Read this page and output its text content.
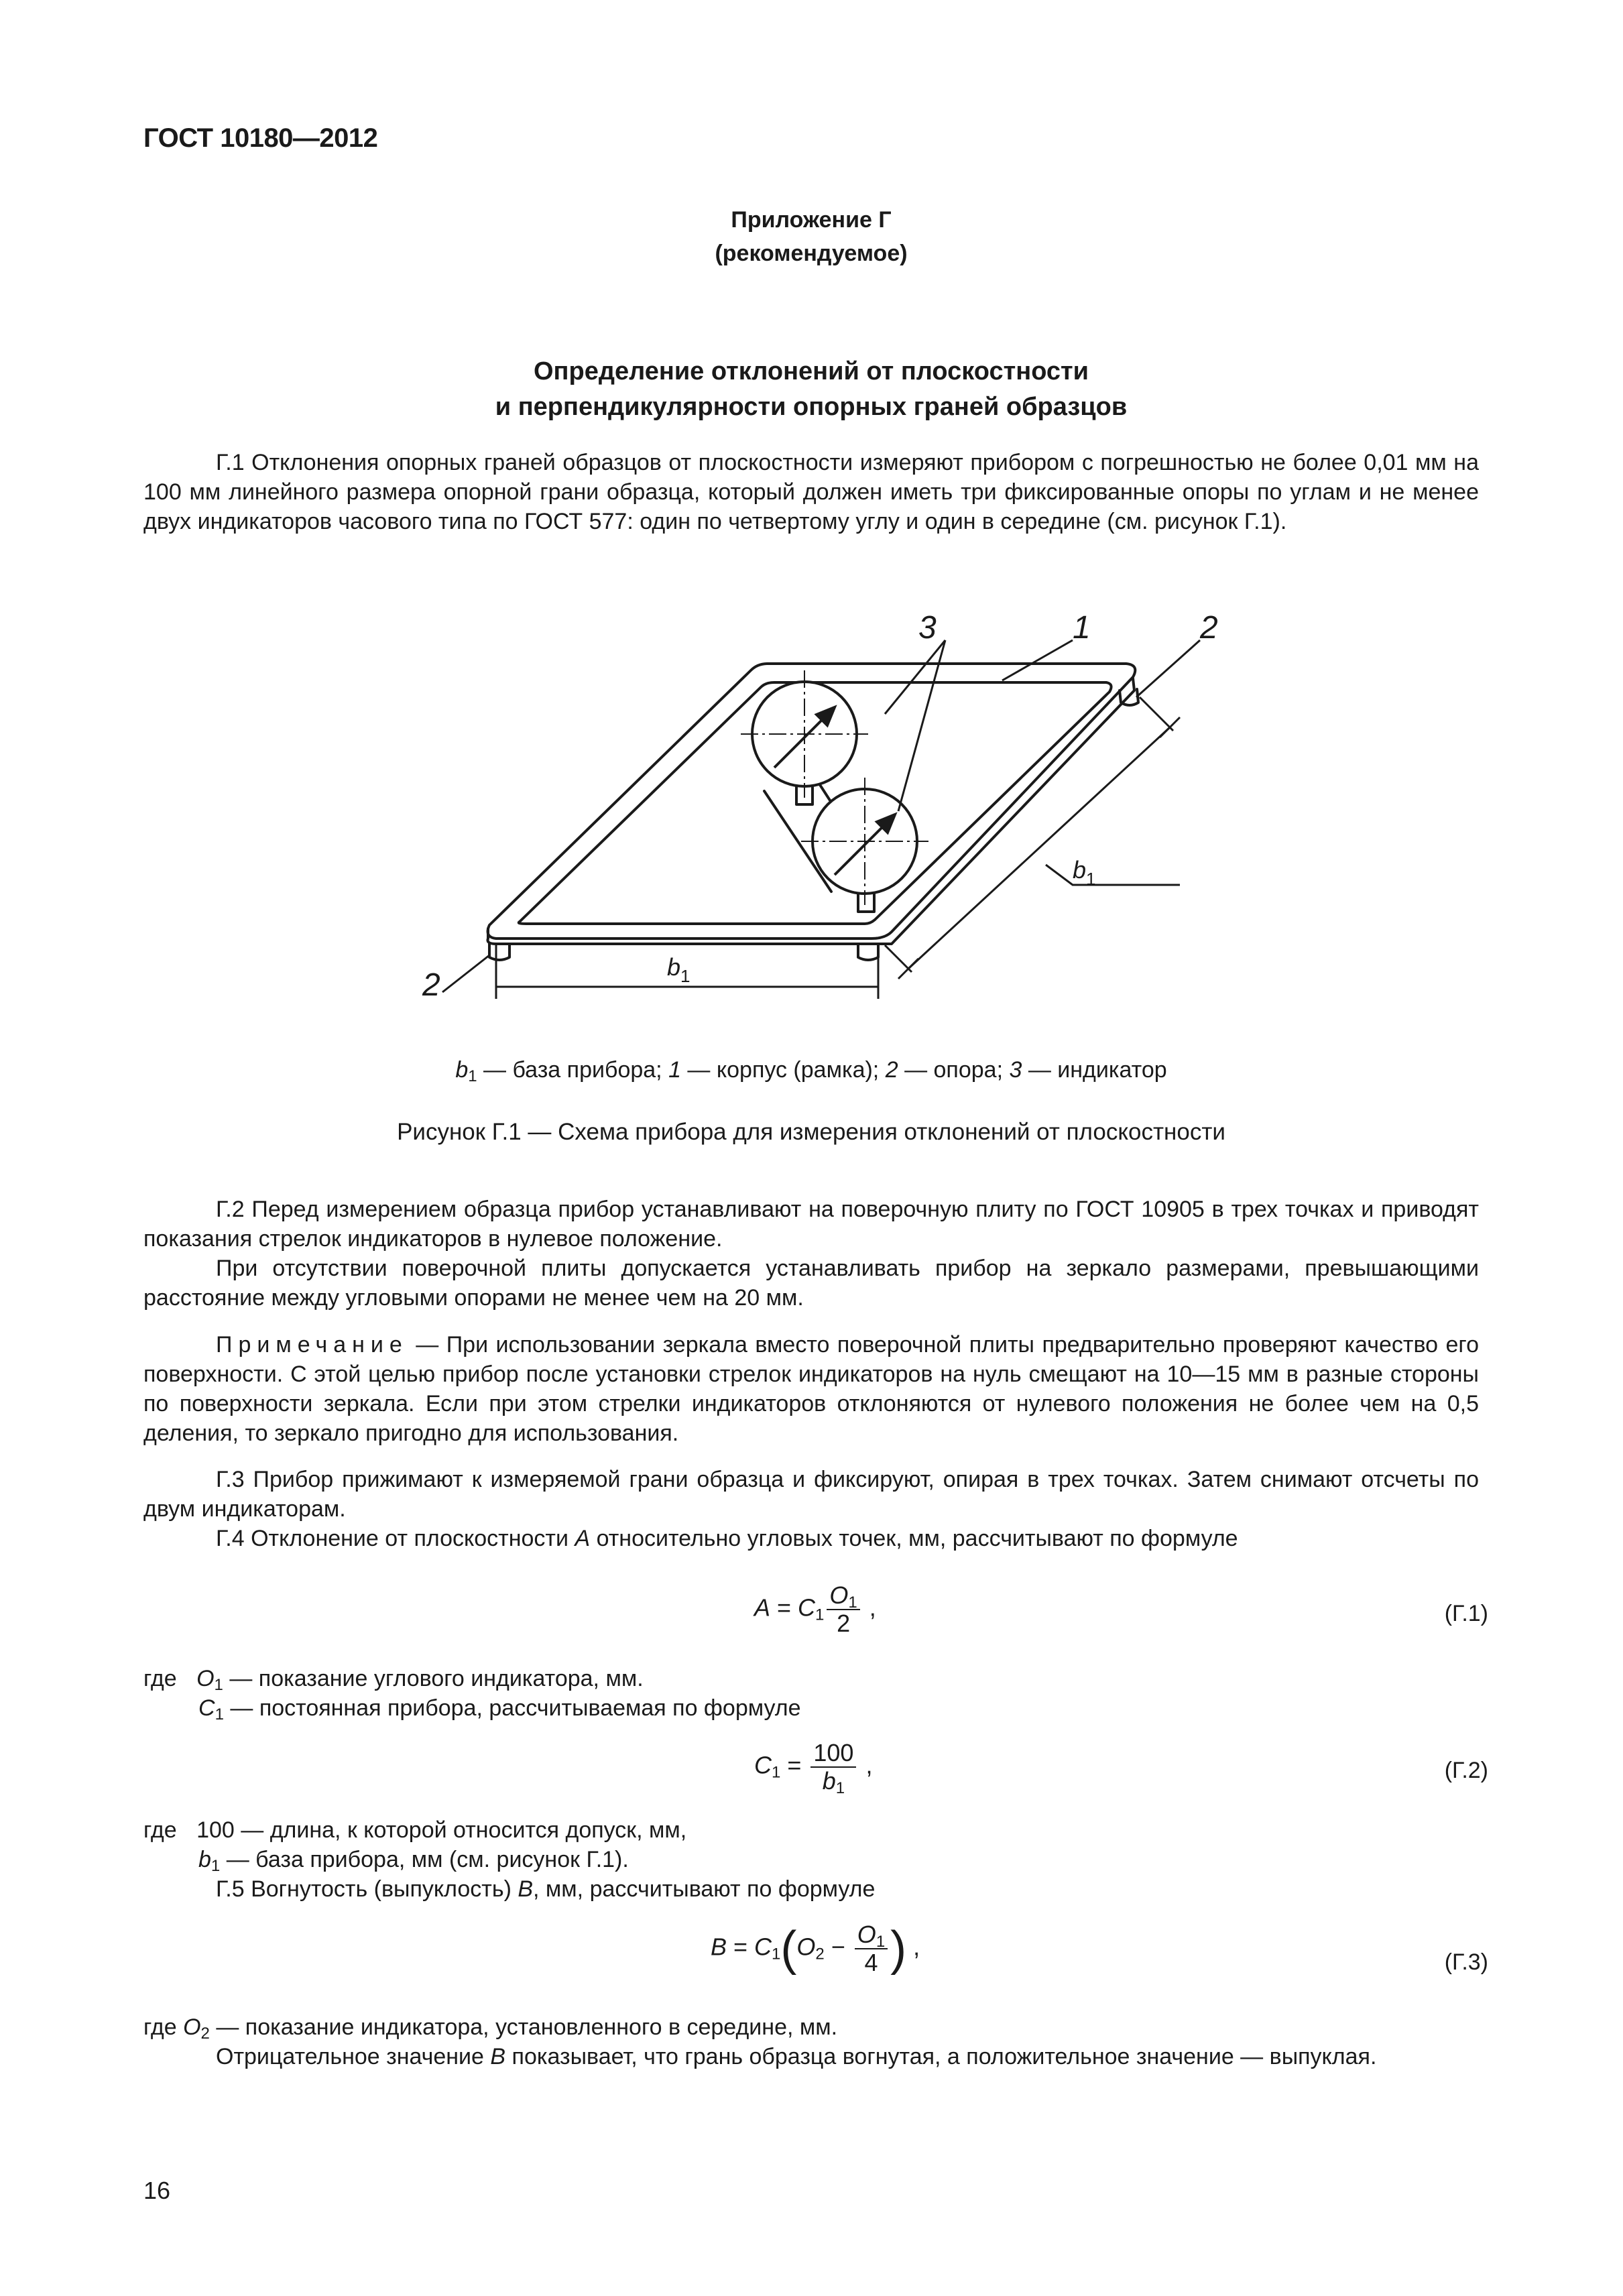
ГОСТ 10180—2012
Приложение Г
(рекомендуемое)
Определение отклонений от плоскостности
и перпендикулярности опорных граней образцов
Г.1 Отклонения опорных граней образцов от плоскостности измеряют прибором с погрешностью не более 0,01 мм на 100 мм линейного размера опорной грани образца, который должен иметь три фиксированные опоры по углам и не менее двух индикаторов часового типа по ГОСТ 577: один по четвертому углу и один в середине (см. рисунок Г.1).
3	1	2
2
$b_1$
$b_1$
$b_1$ — база прибора; 1 — корпус (рамка); 2 — опора; 3 — индикатор
Рисунок Г.1 — Схема прибора для измерения отклонений от плоскостности
Г.2 Перед измерением образца прибор устанавливают на поверочную плиту по ГОСТ 10905 в трех точках и приводят показания стрелок индикаторов в нулевое положение.
При отсутствии поверочной плиты допускается устанавливать прибор на зеркало размерами, превышающими расстояние между угловыми опорами не менее чем на 20 мм.
Примечание — При использовании зеркала вместо поверочной плиты предварительно проверяют качество его поверхности. С этой целью прибор после установки стрелок индикаторов на нуль смещают на 10—15 мм в разные стороны по поверхности зеркала. Если при этом стрелки индикаторов отклоняются от нулевого положения не более чем на 0,5 деления, то зеркало пригодно для использования.
Г.3 Прибор прижимают к измеряемой грани образца и фиксируют, опирая в трех точках. Затем снимают отсчеты по двум индикаторам.
Г.4 Отклонение от плоскостности A относительно угловых точек, мм, рассчитывают по формуле
$A = C_1 \frac{O_1}{2}$ ,	(Г.1)
где $O_1$ — показание углового индикатора, мм.
$C_1$ — постоянная прибора, рассчитываемая по формуле
$C_1 = \frac{100}{b_1}$ ,	(Г.2)
где 100 — длина, к которой относится допуск, мм,
$b_1$ — база прибора, мм (см. рисунок Г.1).
Г.5 Вогнутость (выпуклость) B, мм, рассчитывают по формуле
$B = C_1(O_2 - \frac{O_1}{4}$ ) ,
(Г.3)
где $O_2$ — показание индикатора, установленного в середине, мм.
Отрицательное значение B показывает, что грань образца вогнутая, а положительное значение — выпуклая.
16
